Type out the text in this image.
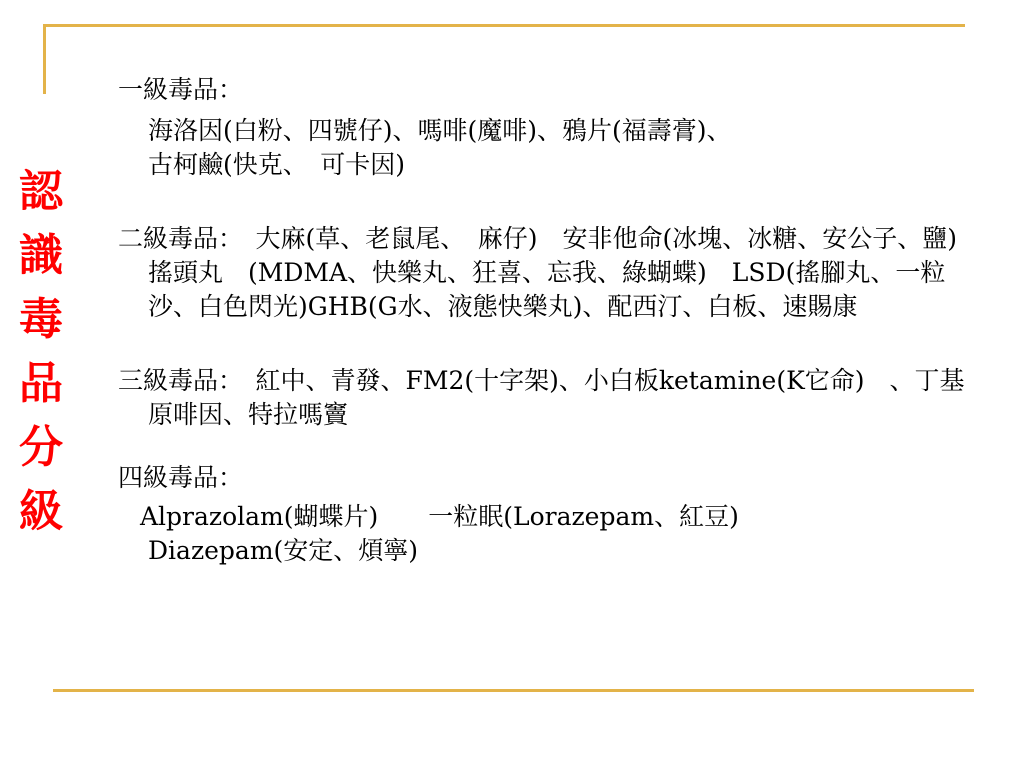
認
識
毒
品
分
級
一級毒品：
海洛因(白粉、四號仔)、嗎啡(魔啡)、鴉片(福壽膏)、
古柯鹼(快克、　可卡因)
二級毒品：　大麻(草、老鼠尾、　麻仔)　安非他命(冰塊、冰糖、安公子、鹽)　搖頭丸　(MDMA、快樂丸、狂喜、忘我、綠蝴蝶)　LSD(搖腳丸、一粒沙、白色閃光)GHB(G水、液態快樂丸)、配西汀、白板、速賜康
三級毒品：　紅中、青發、FM2(十字架)、小白板ketamine(K它命)　、丁基原啡因、特拉嗎竇
四級毒品：
Alprazolam(蝴蝶片)　　一粒眠(Lorazepam、紅豆)
Diazepam(安定、煩寧)
